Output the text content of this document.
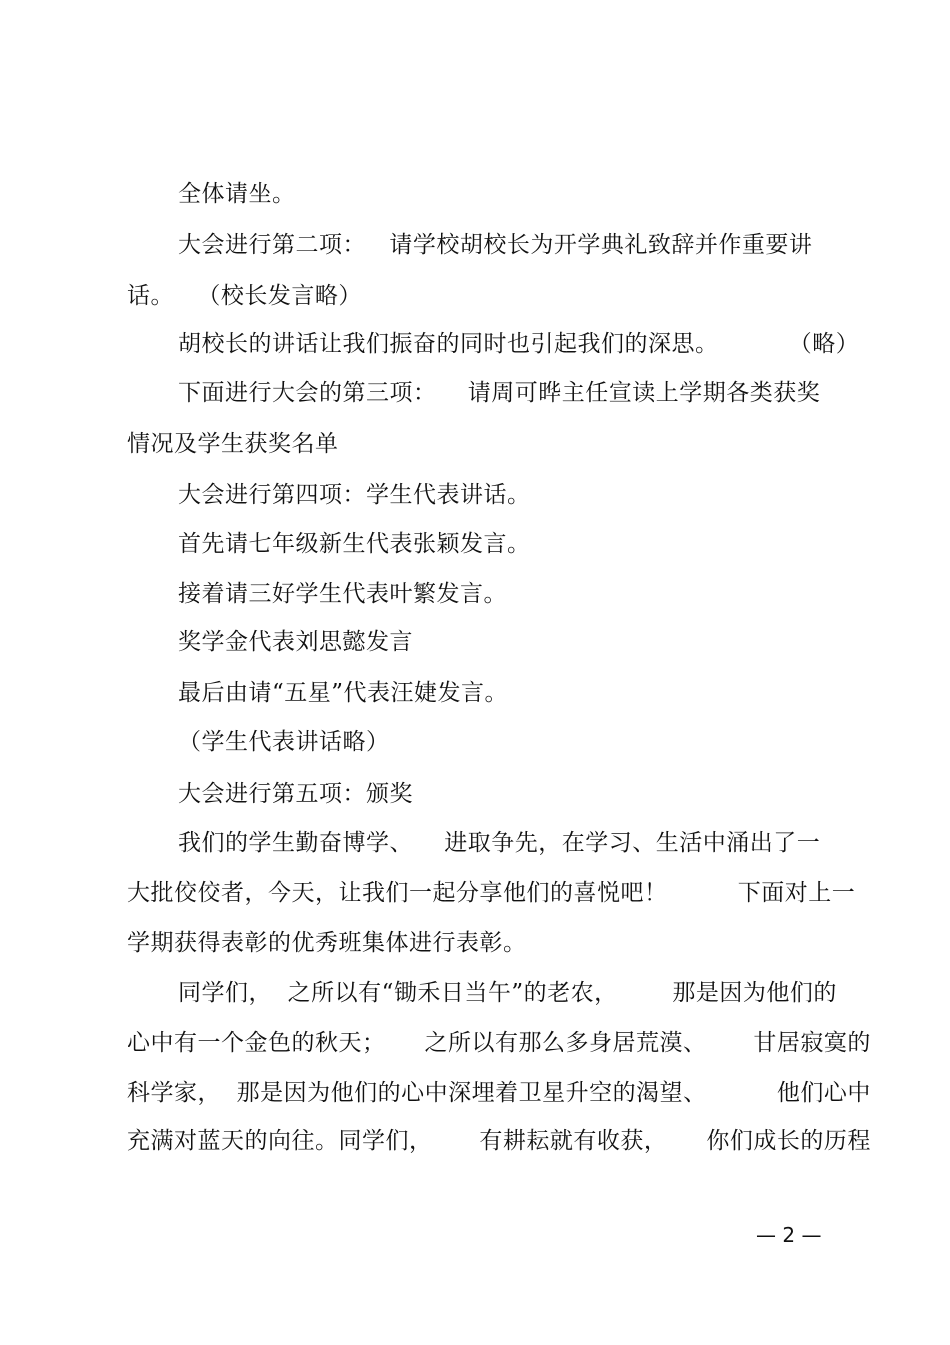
全体请坐。
大会进行第二项：   请学校胡校长为开学典礼致辞并作重要讲
话。   （校长发言略）
胡校长的讲话让我们振奋的同时也引起我们的深思。         （略）
下面进行大会的第三项：    请周可晔主任宣读上学期各类获奖
情况及学生获奖名单
大会进行第四项：学生代表讲话。
首先请七年级新生代表张颖发言。
接着请三好学生代表叶繁发言。
奖学金代表刘思懿发言
最后由请“五星”代表汪婕发言。
（学生代表讲话略）
大会进行第五项：颁奖
我们的学生勤奋博学、    进取争先，在学习、生活中涌出了一
大批佼佼者，今天，让我们一起分享他们的喜悦吧！         下面对上一
学期获得表彰的优秀班集体进行表彰。
同学们，  之所以有“锄禾日当午”的老农，       那是因为他们的
心中有一个金色的秋天；     之所以有那么多身居荒漠、      甘居寂寞的
科学家，  那是因为他们的心中深埋着卫星升空的渴望、         他们心中
充满对蓝天的向往。同学们，      有耕耘就有收获，     你们成长的历程
— 2 —
